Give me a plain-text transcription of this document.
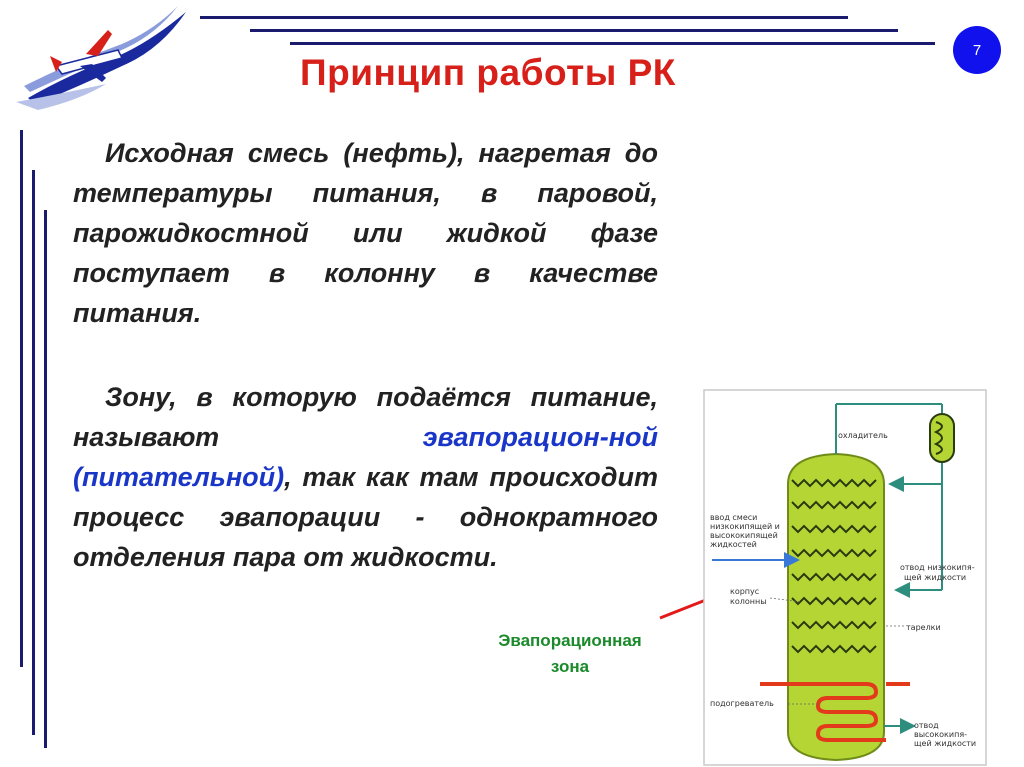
Принцип работы РК
7

Исходная смесь (нефть), нагретая до температуры питания, в паровой, парожидкостной или жидкой фазе поступает в колонну в качестве питания.

Зону, в которую подаётся питание, называют эвапорацион-ной (питательной), так как там происходит процесс эвапорации - однократного отделения пара от жидкости.

Эвапорационная
зона
охладитель
ввод смеси
низкокипящей и
высококипящей
жидкостей
отвод низкокипя-
щей жидкости
корпус
колонны
тарелки
подогреватель
отвод
высококипя-
щей жидкости
